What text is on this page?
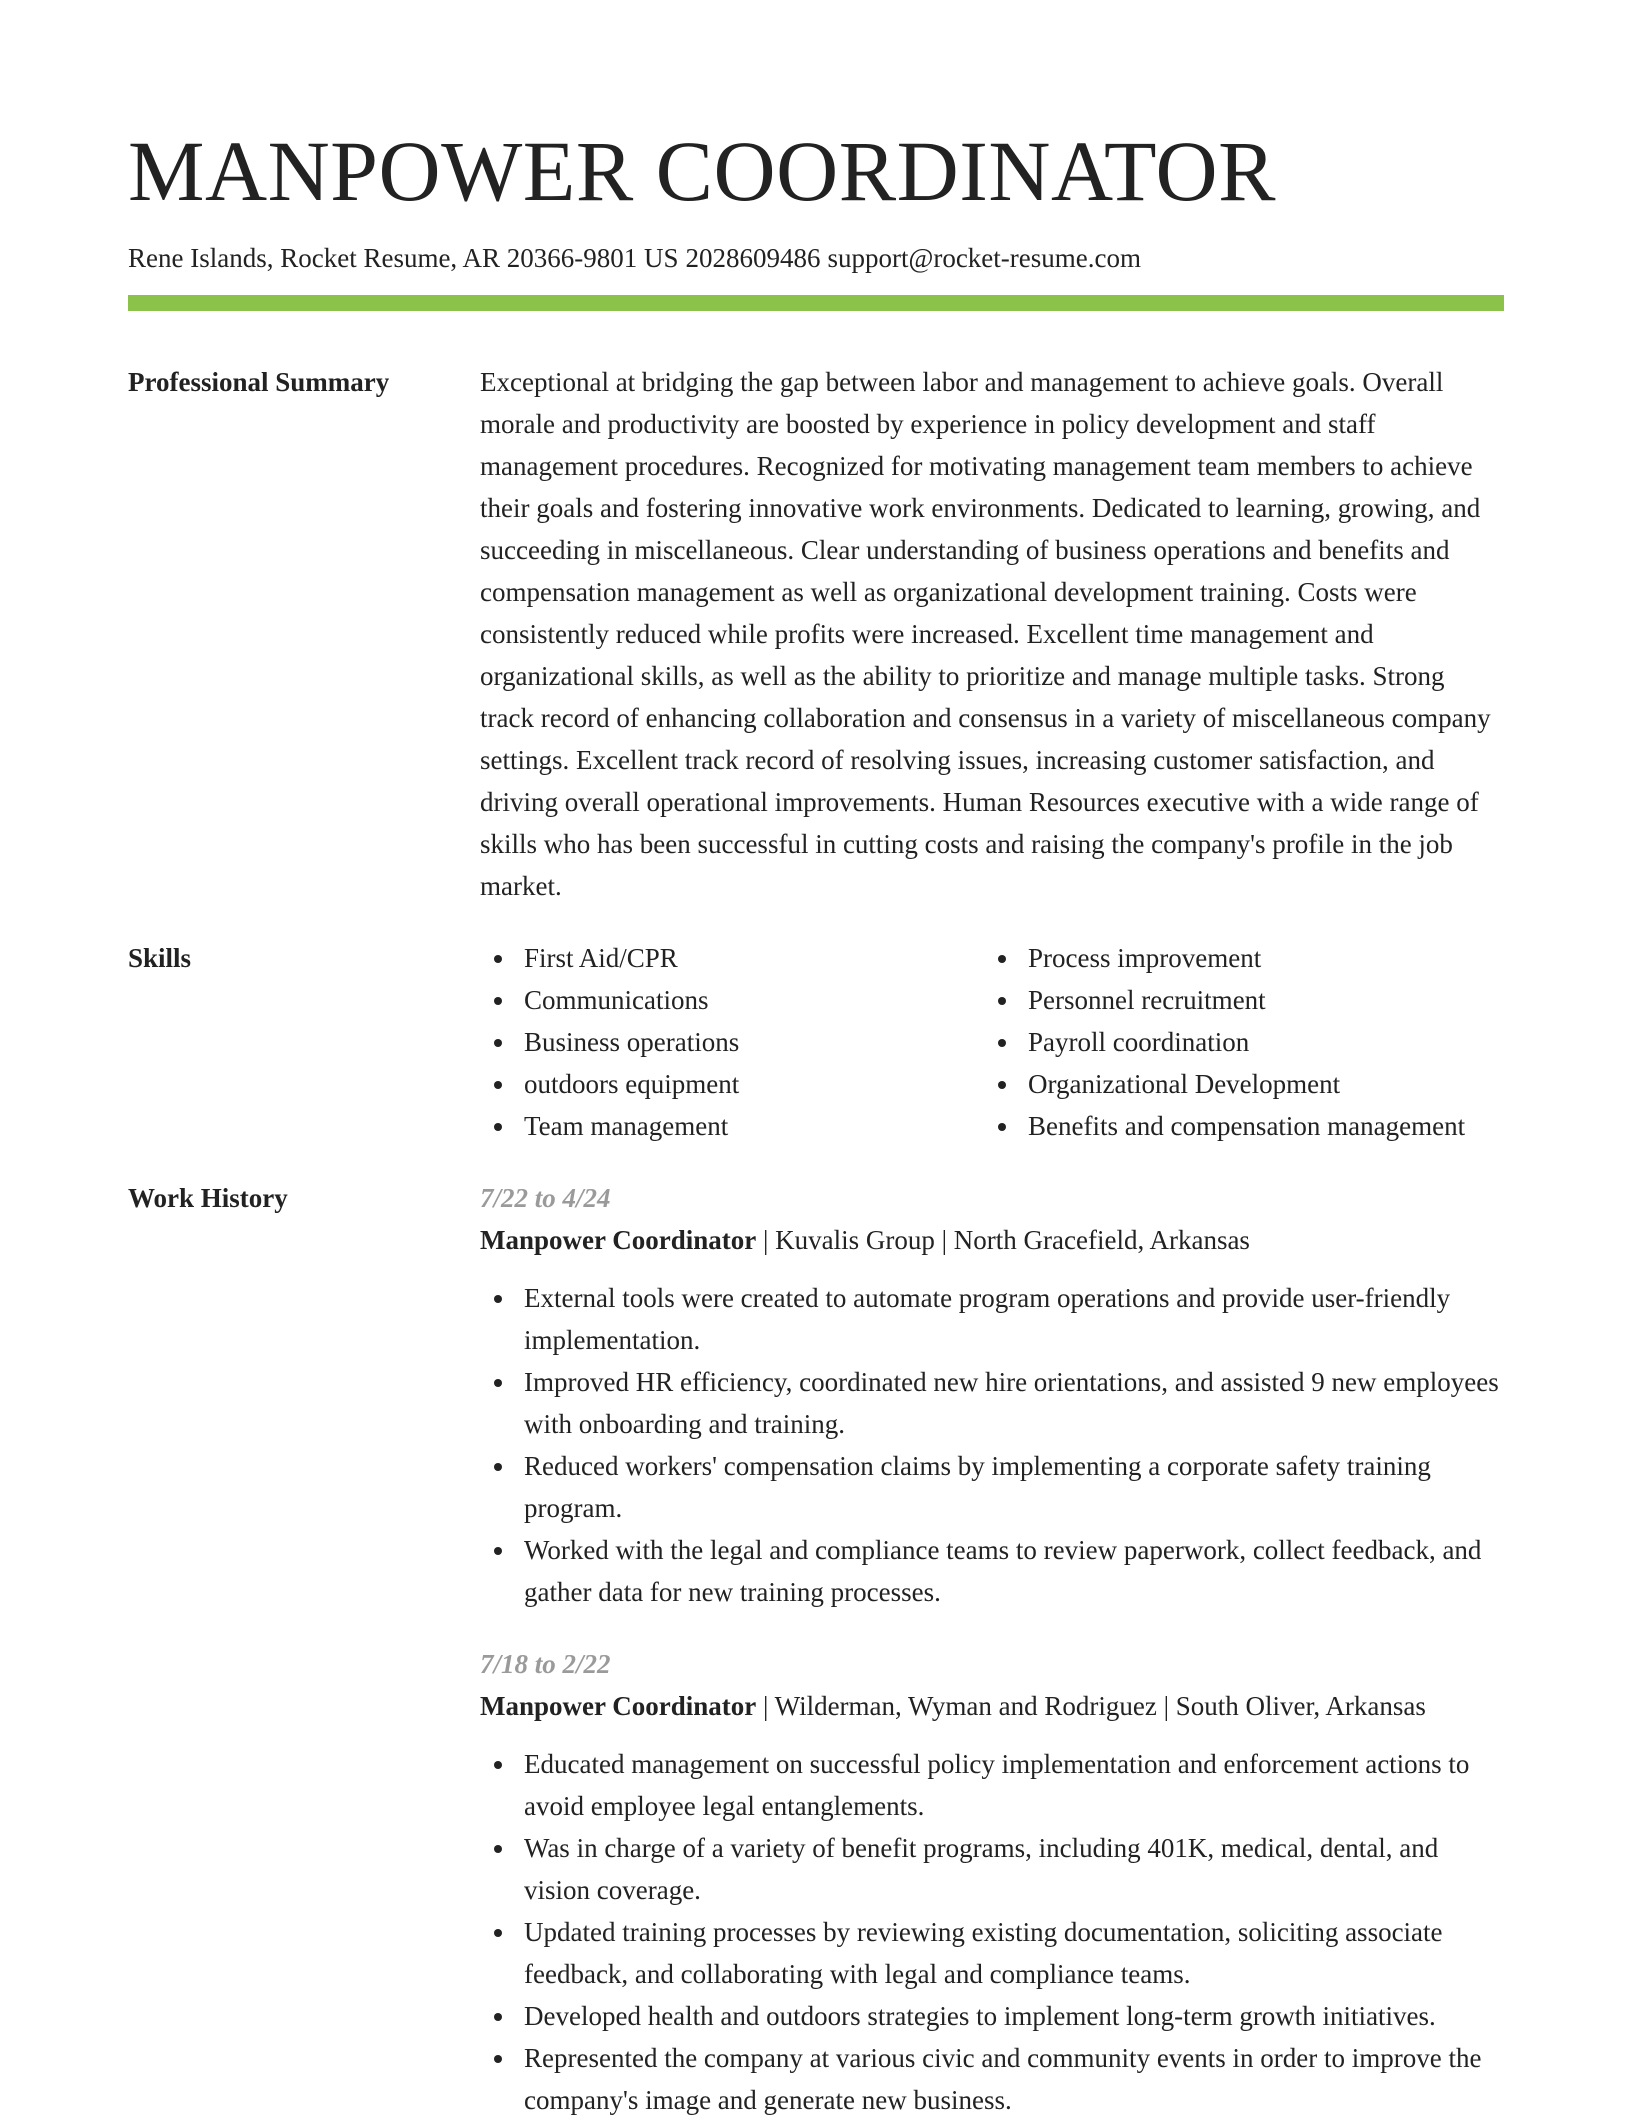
MANPOWER COORDINATOR
Rene Islands, Rocket Resume, AR 20366-9801 US 2028609486 support@rocket-resume.com
Professional Summary	Exceptional at bridging the gap between labor and management to achieve goals. Overall morale and productivity are boosted by experience in policy development and staff management procedures. Recognized for motivating management team members to achieve their goals and fostering innovative work environments. Dedicated to learning, growing, and succeeding in miscellaneous. Clear understanding of business operations and benefits and compensation management as well as organizational development training. Costs were consistently reduced while profits were increased. Excellent time management and organizational skills, as well as the ability to prioritize and manage multiple tasks. Strong track record of enhancing collaboration and consensus in a variety of miscellaneous company settings. Excellent track record of resolving issues, increasing customer satisfaction, and driving overall operational improvements. Human Resources executive with a wide range of skills who has been successful in cutting costs and raising the company's profile in the job market.

Skills	First Aid/CPR
Communications
Business operations
outdoors equipment
Team management
Process improvement
Personnel recruitment
Payroll coordination
Organizational Development
Benefits and compensation management
Work History	7/22 to 4/24
Manpower Coordinator | Kuvalis Group | North Gracefield, Arkansas
External tools were created to automate program operations and provide user-friendly implementation.
Improved HR efficiency, coordinated new hire orientations, and assisted 9 new employees with onboarding and training.
Reduced workers' compensation claims by implementing a corporate safety training program.
Worked with the legal and compliance teams to review paperwork, collect feedback, and gather data for new training processes.
7/18 to 2/22
Manpower Coordinator | Wilderman, Wyman and Rodriguez | South Oliver, Arkansas
Educated management on successful policy implementation and enforcement actions to avoid employee legal entanglements.
Was in charge of a variety of benefit programs, including 401K, medical, dental, and vision coverage.
Updated training processes by reviewing existing documentation, soliciting associate feedback, and collaborating with legal and compliance teams.
Developed health and outdoors strategies to implement long-term growth initiatives.
Represented the company at various civic and community events in order to improve the company's image and generate new business.
